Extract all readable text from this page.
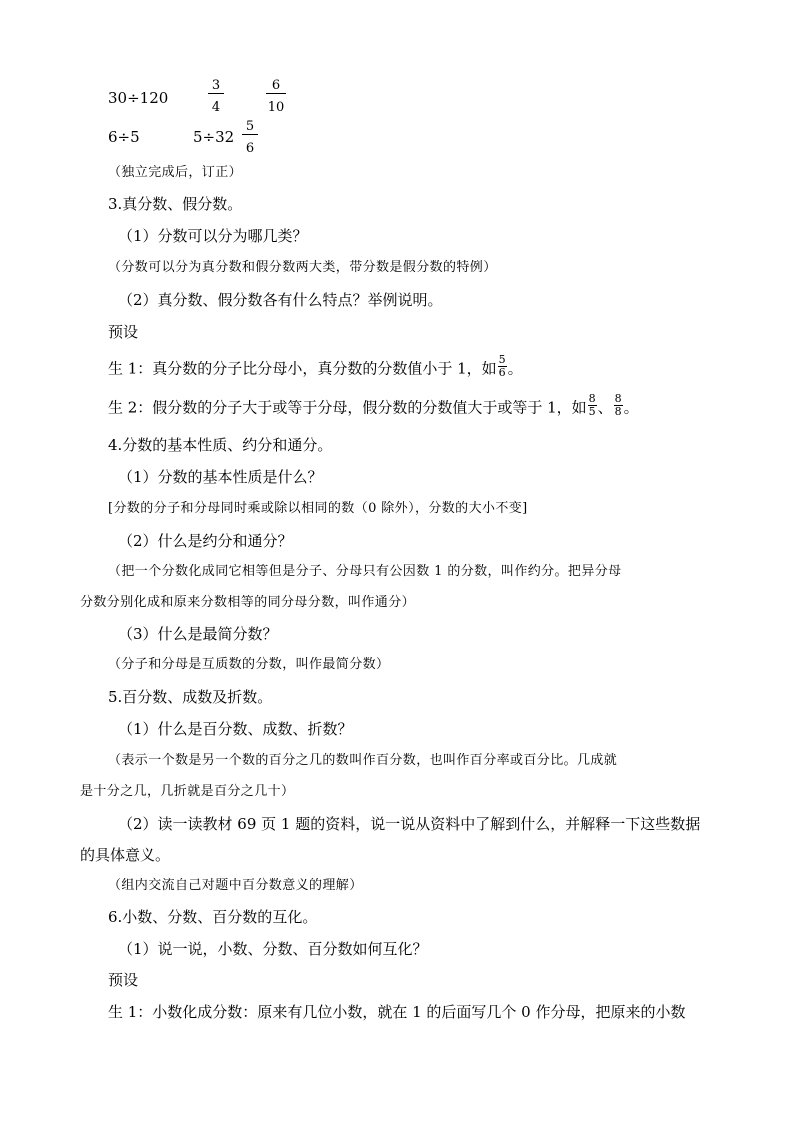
30÷120	$\frac{3}{4}$	$\frac{6}{10}$
6÷5	$5\div 32 \frac{5}{6}$
（独立完成后，订正）
3.真分数、假分数。
（1）分数可以分为哪几类？
（分数可以分为真分数和假分数两大类，带分数是假分数的特例）
（2）真分数、假分数各有什么特点？举例说明。
预设
生 1：真分数的分子比分母小，真分数的分数值小于 1，如 $\frac{5}{6}$ 。
生 2：假分数的分子大于或等于分母，假分数的分数值大于或等于 1，如 $\frac{8}{5}$ 、 $\frac{8}{8}$ 。
4.分数的基本性质、约分和通分。
（1）分数的基本性质是什么？
[分数的分子和分母同时乘或除以相同的数（0 除外），分数的大小不变]
（2）什么是约分和通分？
（把一个分数化成同它相等但是分子、分母只有公因数 1 的分数，叫作约分。把异分母
分数分别化成和原来分数相等的同分母分数，叫作通分）
（3）什么是最简分数？
（分子和分母是互质数的分数，叫作最简分数）
5.百分数、成数及折数。
（1）什么是百分数、成数、折数？
（表示一个数是另一个数的百分之几的数叫作百分数，也叫作百分率或百分比。几成就
是十分之几，几折就是百分之几十）
（2）读一读教材 69 页 1 题的资料，说一说从资料中了解到什么，并解释一下这些数据
的具体意义。
（组内交流自己对题中百分数意义的理解）
6.小数、分数、百分数的互化。
（1）说一说，小数、分数、百分数如何互化？
预设
生 1：小数化成分数：原来有几位小数，就在 1 的后面写几个 0 作分母，把原来的小数
